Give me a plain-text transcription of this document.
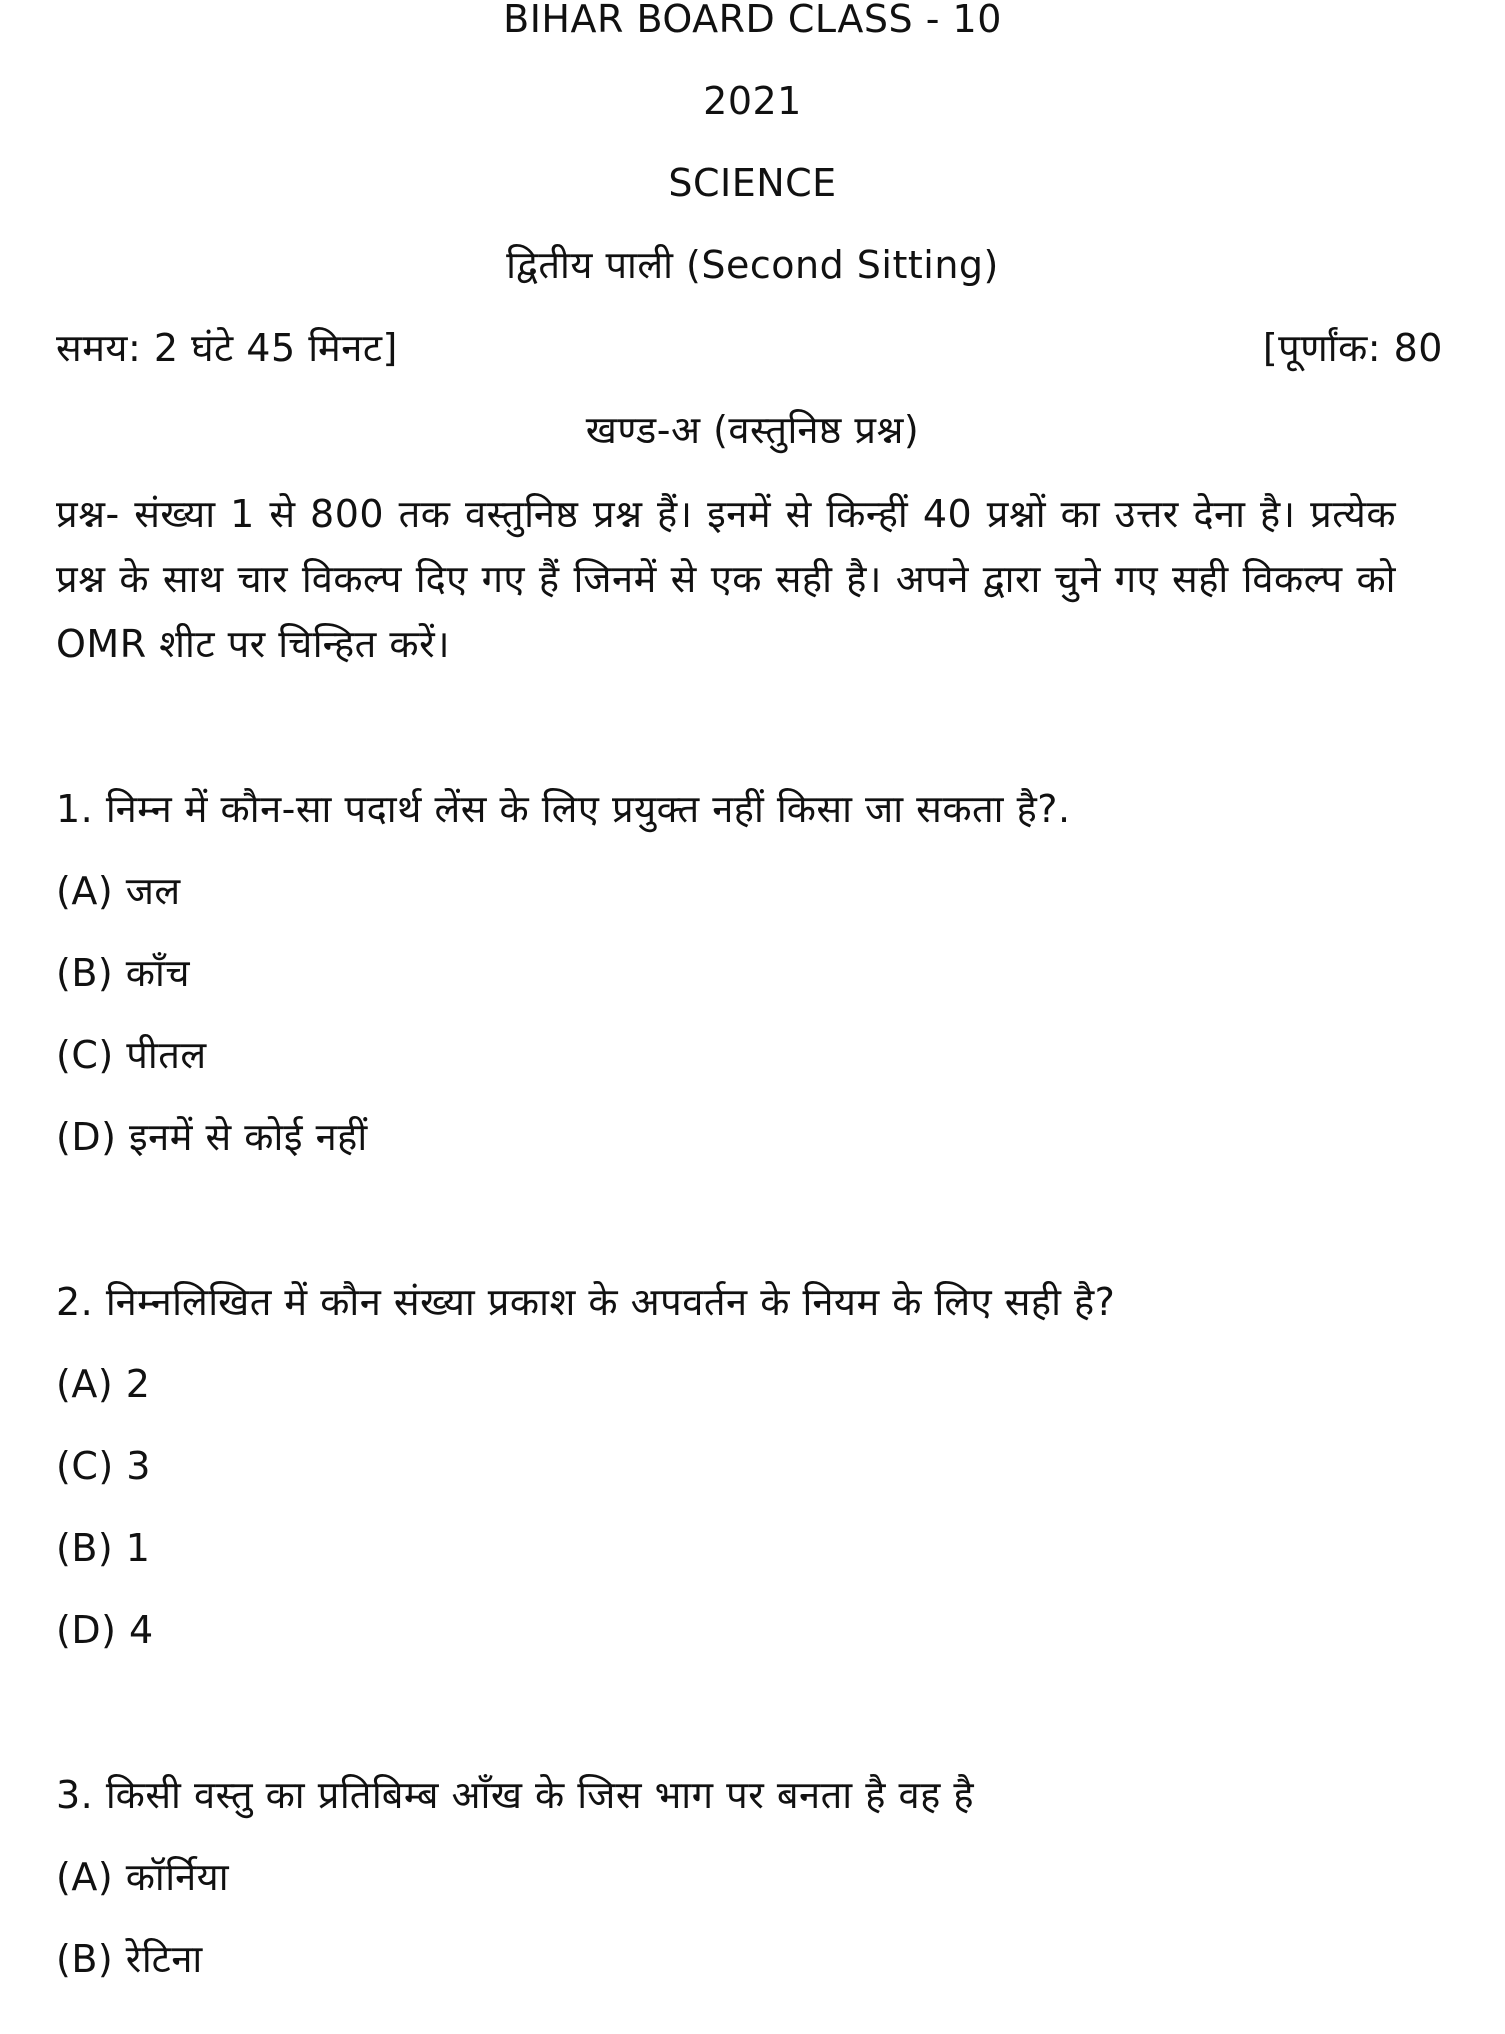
BIHAR BOARD CLASS - 10
2021
SCIENCE
द्वितीय पाली (Second Sitting)
समय: 2 घंटे 45 मिनट]	[पूर्णांक: 80
खण्ड-अ (वस्तुनिष्ठ प्रश्न)
प्रश्न- संख्या 1 से 800 तक वस्तुनिष्ठ प्रश्न हैं। इनमें से किन्हीं 40 प्रश्नों का उत्तर देना है। प्रत्येक प्रश्न के साथ चार विकल्प दिए गए हैं जिनमें से एक सही है। अपने द्वारा चुने गए सही विकल्प को OMR शीट पर चिन्हित करें।
1. निम्न में कौन-सा पदार्थ लेंस के लिए प्रयुक्त नहीं किसा जा सकता है?.
(A) जल
(B) काँच
(C) पीतल
(D) इनमें से कोई नहीं
2. निम्नलिखित में कौन संख्या प्रकाश के अपवर्तन के नियम के लिए सही है?
(A) 2
(C) 3
(B) 1
(D) 4
3. किसी वस्तु का प्रतिबिम्ब आँख के जिस भाग पर बनता है वह है
(A) कॉर्निया
(B) रेटिना
